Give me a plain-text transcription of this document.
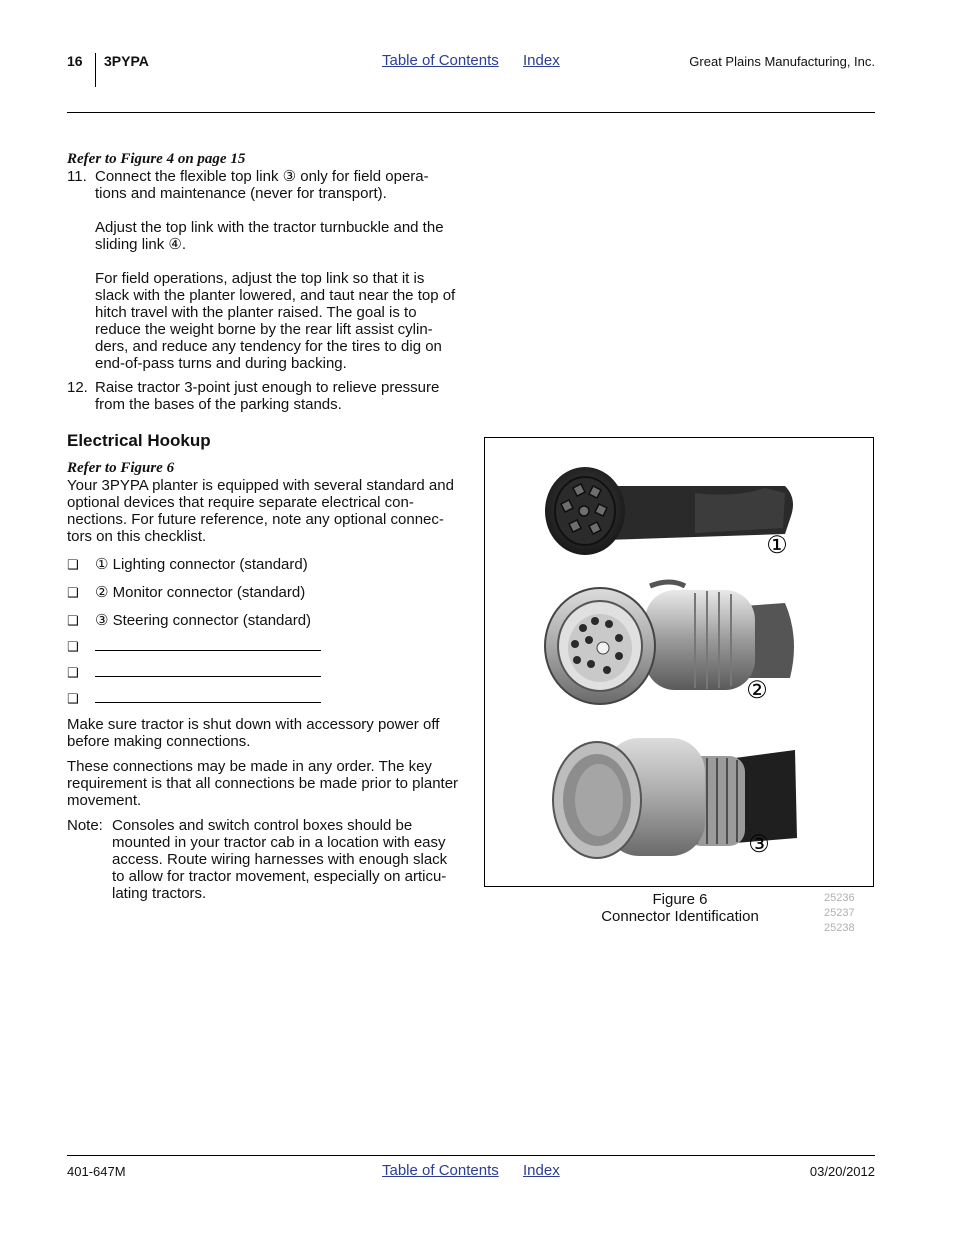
16 3PYPA	Table of Contents Index	Great Plains Manufacturing, Inc.
Refer to Figure 4 on page 15
11. Connect the flexible top link ③ only for field opera-tions and maintenance (never for transport).

Adjust the top link with the tractor turnbuckle and the sliding link ④.

For field operations, adjust the top link so that it is slack with the planter lowered, and taut near the top of hitch travel with the planter raised. The goal is to reduce the weight borne by the rear lift assist cylin-ders, and reduce any tendency for the tires to dig on end-of-pass turns and during backing.

12. Raise tractor 3-point just enough to relieve pressure from the bases of the parking stands.

Electrical Hookup
Refer to Figure 6

Your 3PYPA planter is equipped with several standard and optional devices that require separate electrical con-nections. For future reference, note any optional connec-tors on this checklist.

❑ ① Lighting connector (standard)
❑ ② Monitor connector (standard)
❑ ③ Steering connector (standard)
❑
❑
❑

Make sure tractor is shut down with accessory power off before making connections.

These connections may be made in any order. The key requirement is that all connections be made prior to planter movement.

Note: Consoles and switch control boxes should be mounted in your tractor cab in a location with easy access. Route wiring harnesses with enough slack to allow for tractor movement, especially on articu-lating tractors.

①
②
③
Figure 6
Connector Identification
25236
25237
25238
401-647M	Table of Contents Index	03/20/2012
